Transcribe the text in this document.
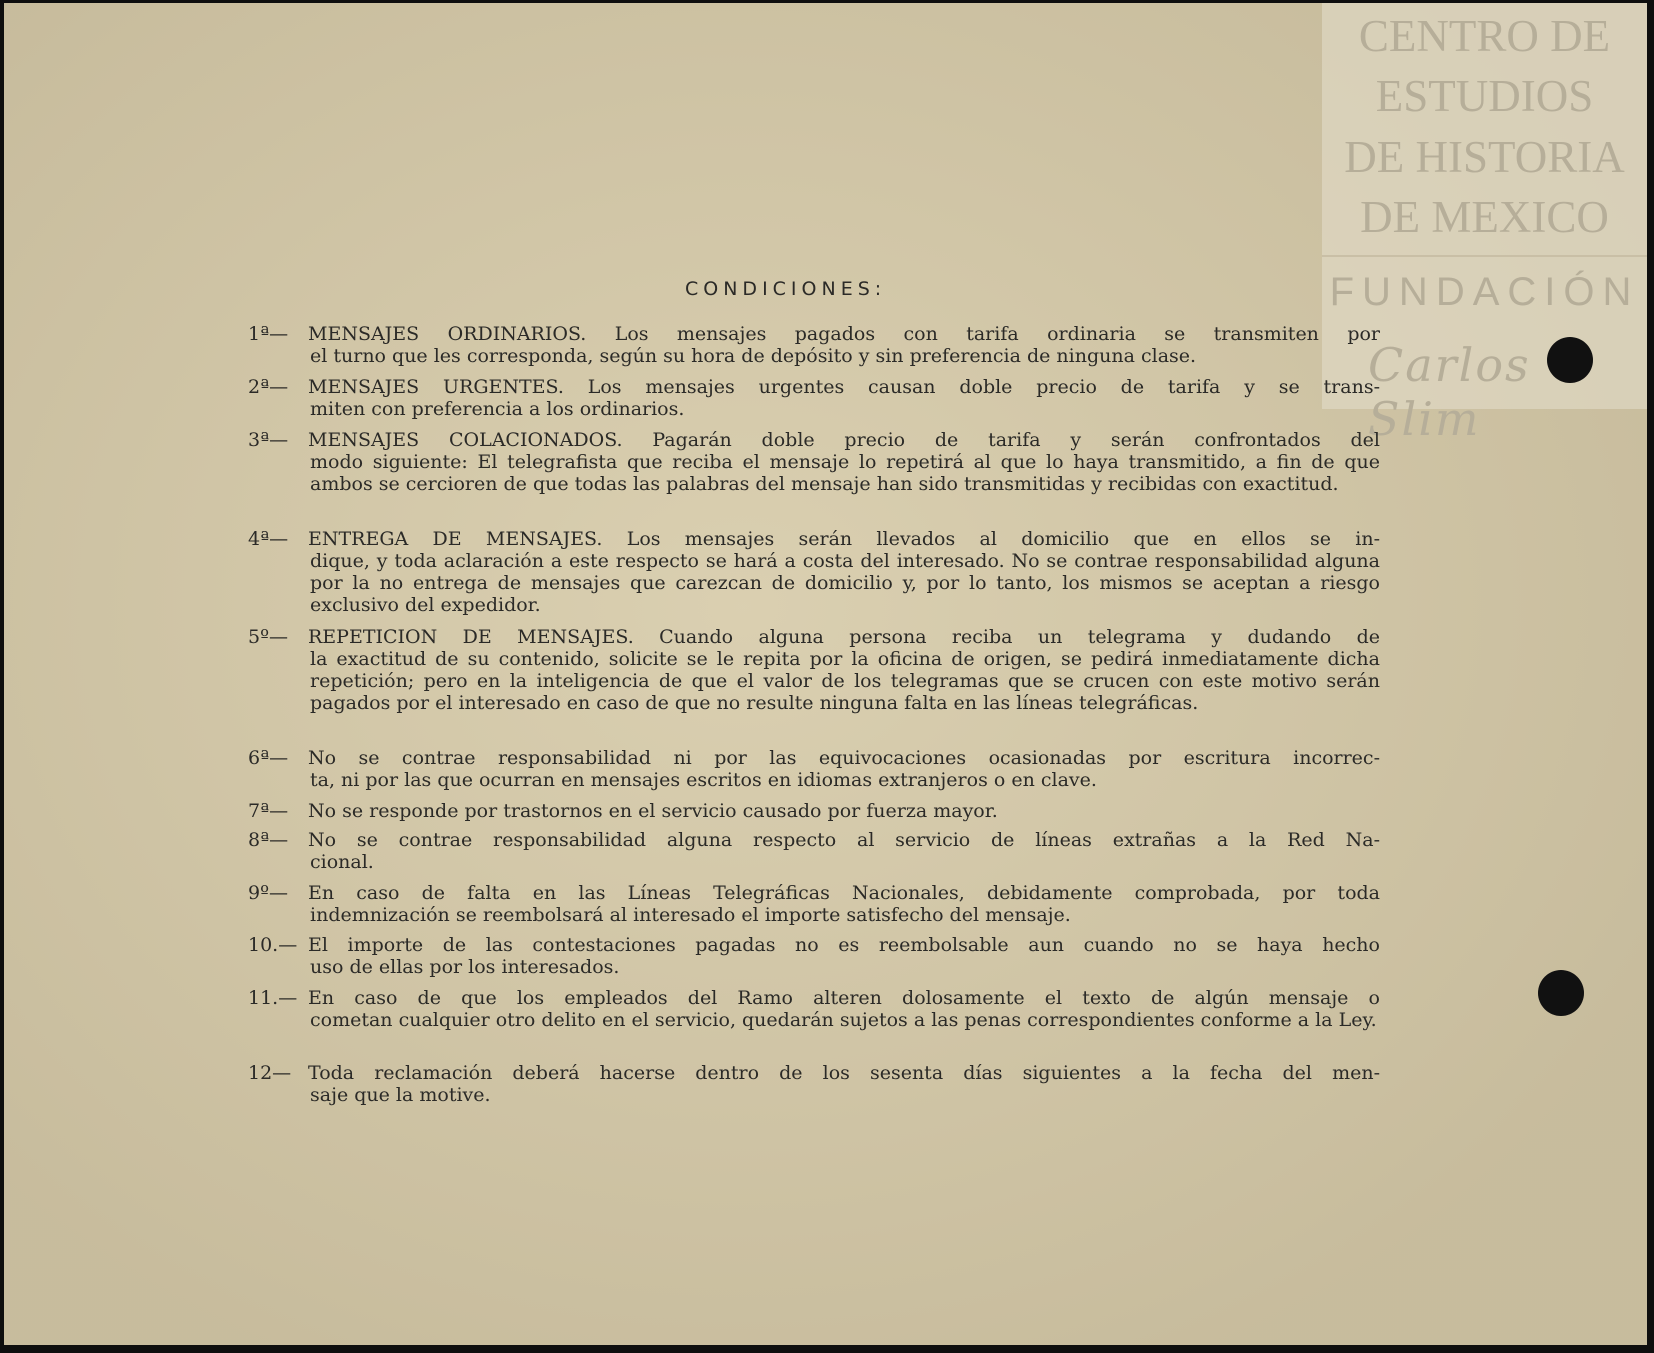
CENTRO DE
ESTUDIOS
DE HISTORIA
DE MEXICO
FUNDACIÓN
Carlos Slim
CONDICIONES:
1ª— MENSAJES ORDINARIOS. Los mensajes pagados con tarifa ordinaria se transmiten por
el turno que les corresponda, según su hora de depósito y sin preferencia de ninguna clase.
2ª— MENSAJES URGENTES. Los mensajes urgentes causan doble precio de tarifa y se trans-
miten con preferencia a los ordinarios.
3ª— MENSAJES COLACIONADOS. Pagarán doble precio de tarifa y serán confrontados del
modo siguiente: El telegrafista que reciba el mensaje lo repetirá al que lo haya transmitido, a fin de que ambos se cercioren de que todas las palabras del mensaje han sido transmitidas y recibidas con exactitud.
4ª— ENTREGA DE MENSAJES. Los mensajes serán llevados al domicilio que en ellos se in-
dique, y toda aclaración a este respecto se hará a costa del interesado. No se contrae responsabilidad alguna por la no entrega de mensajes que carezcan de domicilio y, por lo tanto, los mismos se aceptan a riesgo exclusivo del expedidor.
5º— REPETICION DE MENSAJES. Cuando alguna persona reciba un telegrama y dudando de
la exactitud de su contenido, solicite se le repita por la oficina de origen, se pedirá inmediatamente dicha repetición; pero en la inteligencia de que el valor de los telegramas que se crucen con este motivo serán pagados por el interesado en caso de que no resulte ninguna falta en las líneas telegráficas.
6ª— No se contrae responsabilidad ni por las equivocaciones ocasionadas por escritura incorrec-
ta, ni por las que ocurran en mensajes escritos en idiomas extranjeros o en clave.
7ª— No se responde por trastornos en el servicio causado por fuerza mayor.
8ª— No se contrae responsabilidad alguna respecto al servicio de líneas extrañas a la Red Na-
cional.
9º— En caso de falta en las Líneas Telegráficas Nacionales, debidamente comprobada, por toda
indemnización se reembolsará al interesado el importe satisfecho del mensaje.
10.— El importe de las contestaciones pagadas no es reembolsable aun cuando no se haya hecho
uso de ellas por los interesados.
11.— En caso de que los empleados del Ramo alteren dolosamente el texto de algún mensaje o
cometan cualquier otro delito en el servicio, quedarán sujetos a las penas correspondientes conforme a la Ley.
12— Toda reclamación deberá hacerse dentro de los sesenta días siguientes a la fecha del men-
saje que la motive.
